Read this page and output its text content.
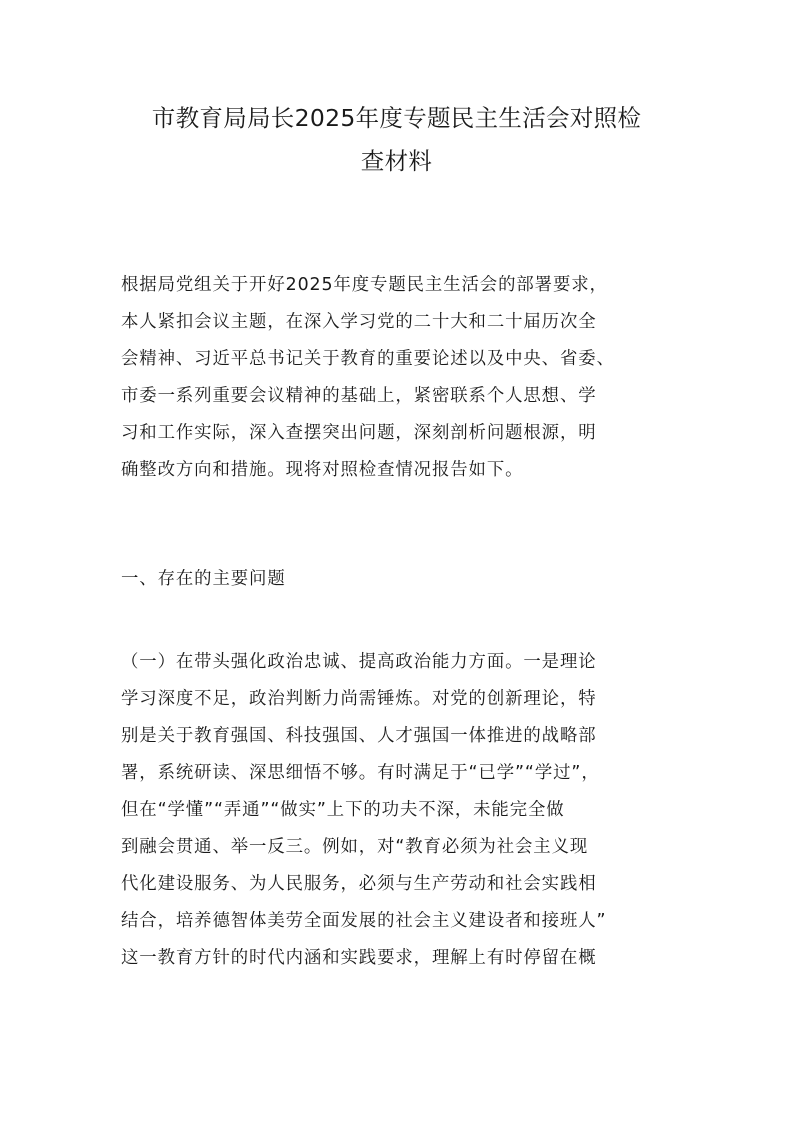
市教育局局长2025年度专题民主生活会对照检
查材料
根据局党组关于开好2025年度专题民主生活会的部署要求，
本人紧扣会议主题，在深入学习党的二十大和二十届历次全
会精神、习近平总书记关于教育的重要论述以及中央、省委、
市委一系列重要会议精神的基础上，紧密联系个人思想、学
习和工作实际，深入查摆突出问题，深刻剖析问题根源，明
确整改方向和措施。现将对照检查情况报告如下。
一、存在的主要问题
（一）在带头强化政治忠诚、提高政治能力方面。一是理论
学习深度不足，政治判断力尚需锤炼。对党的创新理论，特
别是关于教育强国、科技强国、人才强国一体推进的战略部
署，系统研读、深思细悟不够。有时满足于“已学”“学过”，
但在“学懂”“弄通”“做实”上下的功夫不深，未能完全做
到融会贯通、举一反三。例如，对“教育必须为社会主义现
代化建设服务、为人民服务，必须与生产劳动和社会实践相
结合，培养德智体美劳全面发展的社会主义建设者和接班人”
这一教育方针的时代内涵和实践要求，理解上有时停留在概
